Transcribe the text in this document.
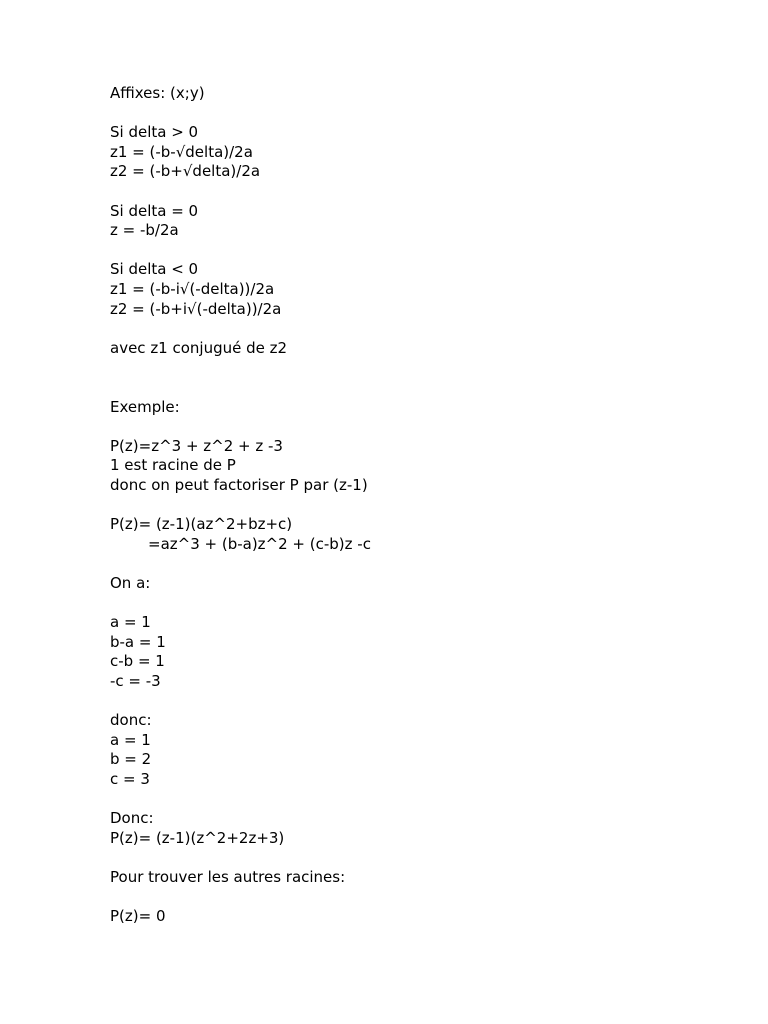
Affixes: (x;y)
Si delta > 0
z1 = (-b-√delta)/2a
z2 = (-b+√delta)/2a
Si delta = 0
z = -b/2a
Si delta < 0
z1 = (-b-i√(-delta))/2a
z2 = (-b+i√(-delta))/2a
avec z1 conjugué de z2
Exemple:
P(z)=z^3 + z^2 + z -3
1 est racine de P
donc on peut factoriser P par (z-1)
P(z)= (z-1)(az^2+bz+c)
=az^3 + (b-a)z^2 + (c-b)z -c
On a:
a = 1
b-a = 1
c-b = 1
-c = -3
donc:
a = 1
b = 2
c = 3
Donc:
P(z)= (z-1)(z^2+2z+3)
Pour trouver les autres racines:
P(z)= 0
